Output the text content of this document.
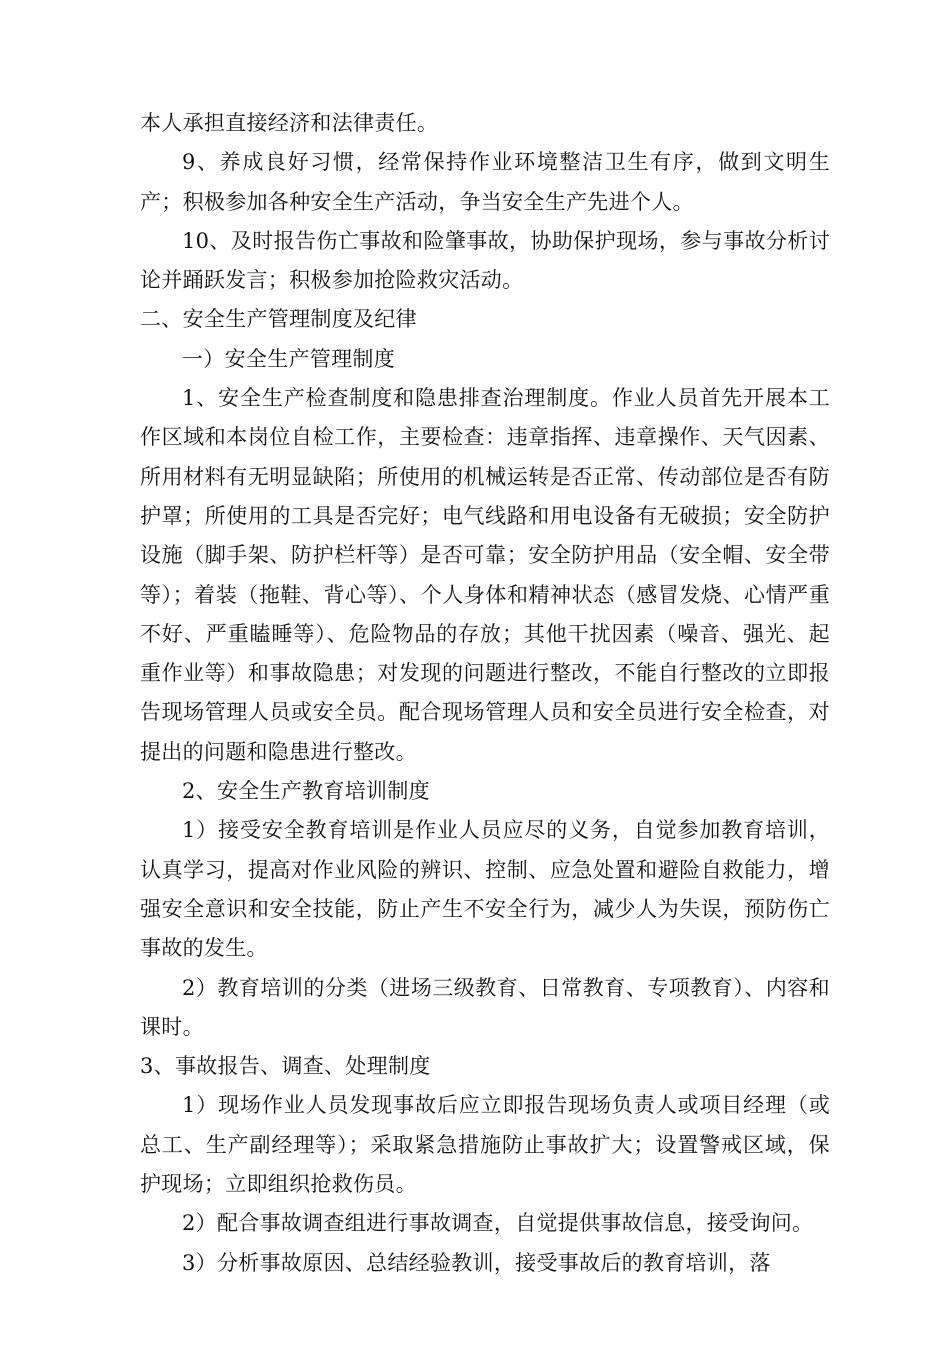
本人承担直接经济和法律责任。

9、养成良好习惯，经常保持作业环境整洁卫生有序，做到文明生产；积极参加各种安全生产活动，争当安全生产先进个人。

10、及时报告伤亡事故和险肇事故，协助保护现场，参与事故分析讨论并踊跃发言；积极参加抢险救灾活动。

二、安全生产管理制度及纪律

一）安全生产管理制度

1、安全生产检查制度和隐患排查治理制度。作业人员首先开展本工作区域和本岗位自检工作，主要检查：违章指挥、违章操作、天气因素、所用材料有无明显缺陷；所使用的机械运转是否正常、传动部位是否有防护罩；所使用的工具是否完好；电气线路和用电设备有无破损；安全防护设施（脚手架、防护栏杆等）是否可靠；安全防护用品（安全帽、安全带等）；着装（拖鞋、背心等）、个人身体和精神状态（感冒发烧、心情严重不好、严重瞌睡等）、危险物品的存放；其他干扰因素（噪音、强光、起重作业等）和事故隐患；对发现的问题进行整改，不能自行整改的立即报告现场管理人员或安全员。配合现场管理人员和安全员进行安全检查，对提出的问题和隐患进行整改。

2、安全生产教育培训制度

1）接受安全教育培训是作业人员应尽的义务，自觉参加教育培训，认真学习，提高对作业风险的辨识、控制、应急处置和避险自救能力，增强安全意识和安全技能，防止产生不安全行为，减少人为失误，预防伤亡事故的发生。

2）教育培训的分类（进场三级教育、日常教育、专项教育）、内容和课时。

3、事故报告、调查、处理制度

1）现场作业人员发现事故后应立即报告现场负责人或项目经理（或总工、生产副经理等）；采取紧急措施防止事故扩大；设置警戒区域，保护现场；立即组织抢救伤员。

2）配合事故调查组进行事故调查，自觉提供事故信息，接受询问。

3）分析事故原因、总结经验教训，接受事故后的教育培训，落
